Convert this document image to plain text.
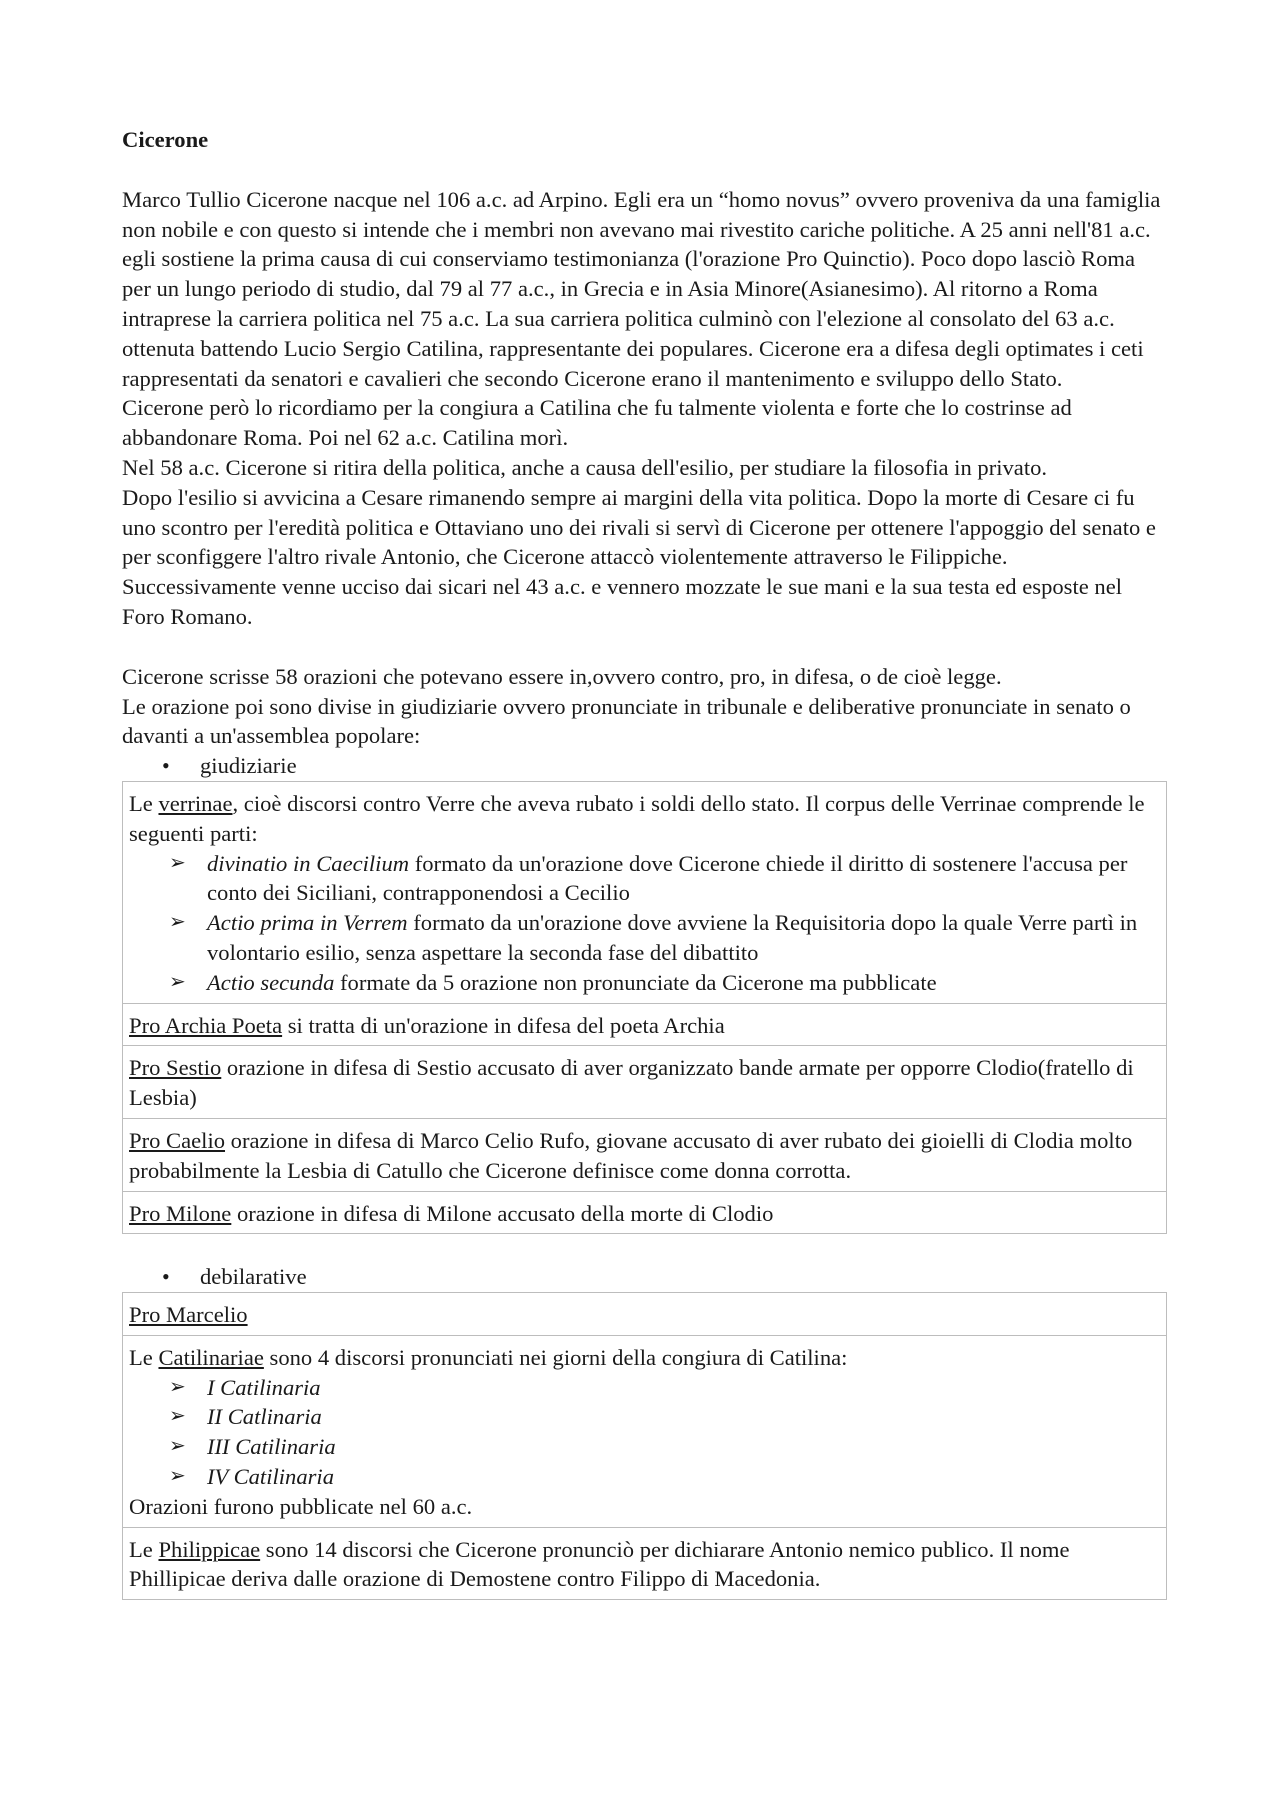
Cicerone

Marco Tullio Cicerone nacque nel 106 a.c. ad Arpino. Egli era un “homo novus” ovvero proveniva da una famiglia non nobile e con questo si intende che i membri non avevano mai rivestito cariche politiche. A 25 anni nell'81 a.c. egli sostiene la prima causa di cui conserviamo testimonianza (l'orazione Pro Quinctio). Poco dopo lasciò Roma per un lungo periodo di studio, dal 79 al 77 a.c., in Grecia e in Asia Minore(Asianesimo). Al ritorno a Roma intraprese la carriera politica nel 75 a.c. La sua carriera politica culminò con l'elezione al consolato del 63 a.c. ottenuta battendo Lucio Sergio Catilina, rappresentante dei populares. Cicerone era a difesa degli optimates i ceti rappresentati da senatori e cavalieri che secondo Cicerone erano il mantenimento e sviluppo dello Stato.

Cicerone però lo ricordiamo per la congiura a Catilina che fu talmente violenta e forte che lo costrinse ad abbandonare Roma. Poi nel 62 a.c. Catilina morì.

Nel 58 a.c. Cicerone si ritira della politica, anche a causa dell'esilio, per studiare la filosofia in privato.

Dopo l'esilio si avvicina a Cesare rimanendo sempre ai margini della vita politica. Dopo la morte di Cesare ci fu uno scontro per l'eredità politica e Ottaviano uno dei rivali si servì di Cicerone per ottenere l'appoggio del senato e per sconfiggere l'altro rivale Antonio, che Cicerone attaccò violentemente attraverso le Filippiche. Successivamente venne ucciso dai sicari nel 43 a.c. e vennero mozzate le sue mani e la sua testa ed esposte nel Foro Romano.

Cicerone scrisse 58 orazioni che potevano essere in,ovvero contro, pro, in difesa, o de cioè legge.

Le orazione poi sono divise in giudiziarie ovvero pronunciate in tribunale e deliberative pronunciate in senato o davanti a un'assemblea popolare:

• giudiziarie

Le verrinae, cioè discorsi contro Verre che aveva rubato i soldi dello stato. Il corpus delle Verrinae comprende le seguenti parti:
➢ divinatio in Caecilium formato da un'orazione dove Cicerone chiede il diritto di sostenere l'accusa per conto dei Siciliani, contrapponendosi a Cecilio
➢ Actio prima in Verrem formato da un'orazione dove avviene la Requisitoria dopo la quale Verre partì in volontario esilio, senza aspettare la seconda fase del dibattito
➢ Actio secunda formate da 5 orazione non pronunciate da Cicerone ma pubblicate

Pro Archia Poeta si tratta di un'orazione in difesa del poeta Archia
Pro Sestio orazione in difesa di Sestio accusato di aver organizzato bande armate per opporre Clodio(fratello di Lesbia)
Pro Caelio orazione in difesa di Marco Celio Rufo, giovane accusato di aver rubato dei gioielli di Clodia molto probabilmente la Lesbia di Catullo che Cicerone definisce come donna corrotta.
Pro Milone orazione in difesa di Milone accusato della morte di Clodio

• debilarative

Pro Marcelio
Le Catilinariae sono 4 discorsi pronunciati nei giorni della congiura di Catilina:
➢ I Catilinaria
➢ II Catlinaria
➢ III Catilinaria
➢ IV Catilinaria
Orazioni furono pubblicate nel 60 a.c.
Le Philippicae sono 14 discorsi che Cicerone pronunciò per dichiarare Antonio nemico publico. Il nome Phillipicae deriva dalle orazione di Demostene contro Filippo di Macedonia.
